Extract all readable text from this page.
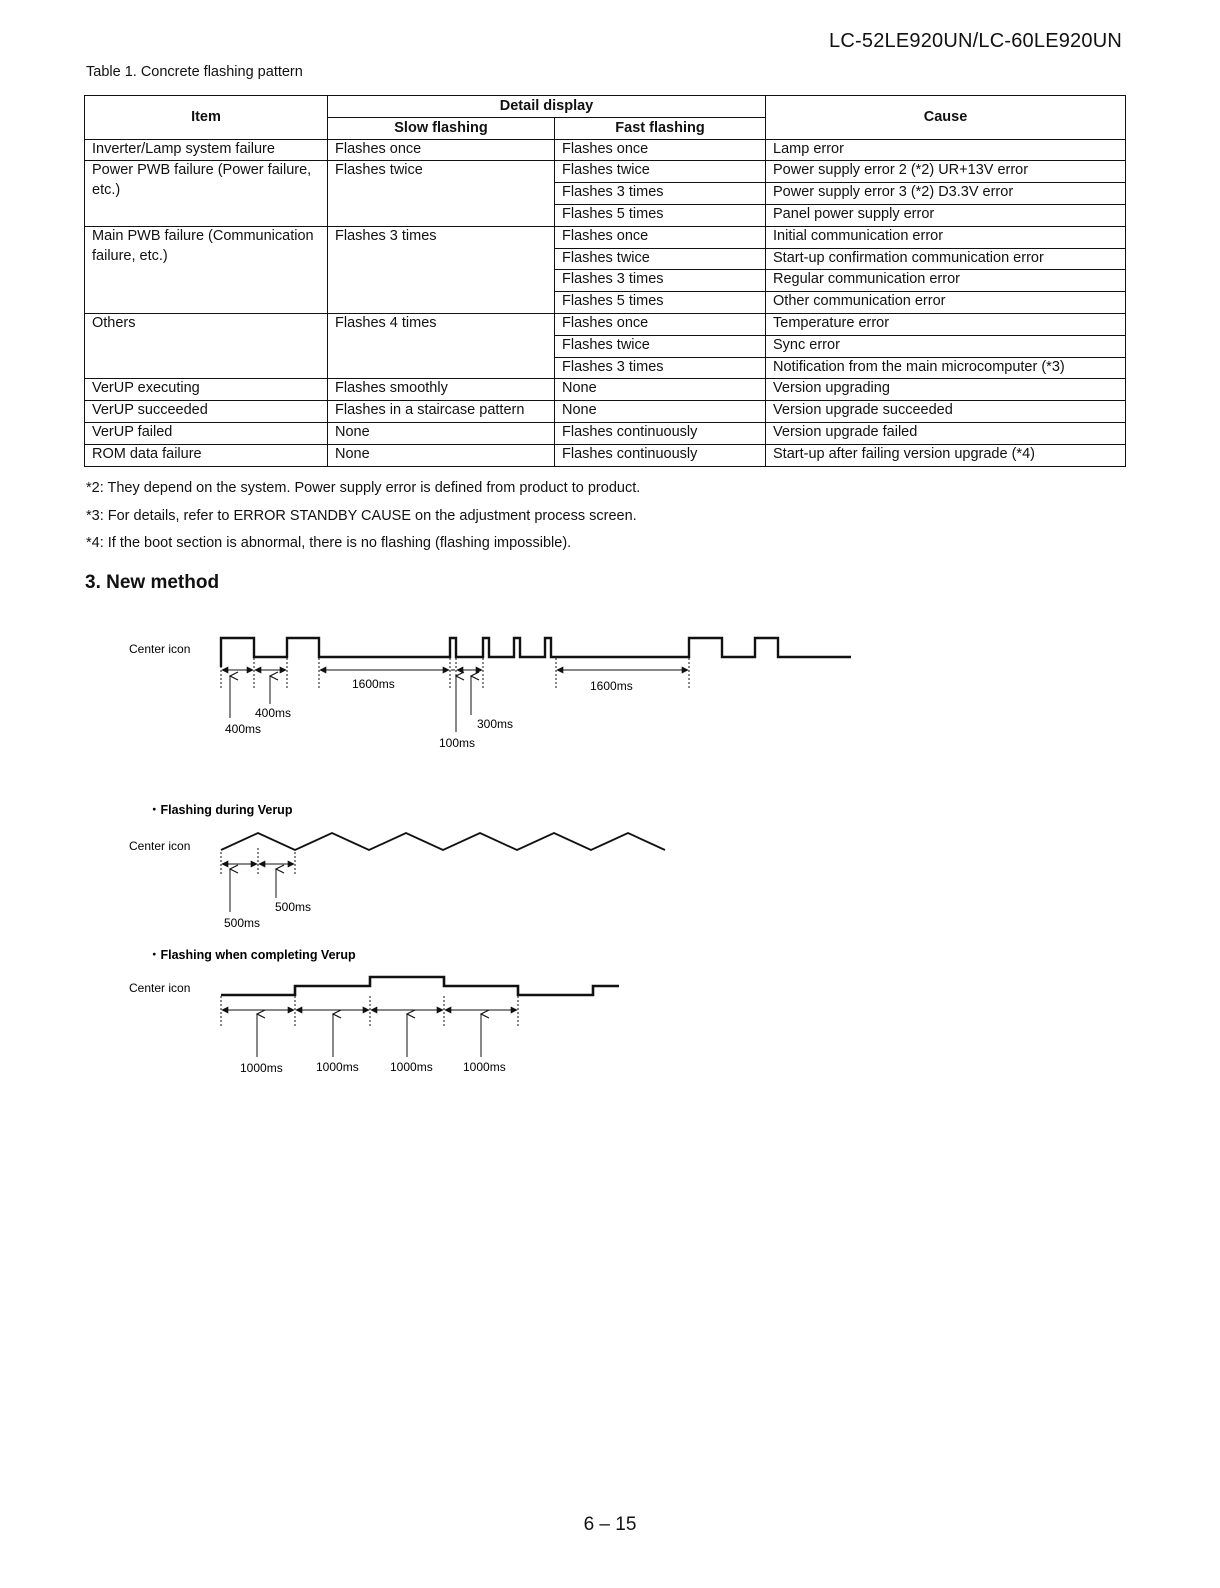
LC-52LE920UN/LC-60LE920UN
Table 1. Concrete flashing pattern
Item	Detail display		Cause
	Slow flashing	Fast flashing	
Inverter/Lamp system failure	Flashes once	Flashes once	Lamp error
Power PWB failure (Power failure, etc.)	Flashes twice	Flashes twice	Power supply error 2 (*2) UR+13V error
		Flashes 3 times	Power supply error 3 (*2) D3.3V error
		Flashes 5 times	Panel power supply error
Main PWB failure (Communication failure, etc.)	Flashes 3 times	Flashes once	Initial communication error
		Flashes twice	Start-up confirmation communication error
		Flashes 3 times	Regular communication error
		Flashes 5 times	Other communication error
Others	Flashes 4 times	Flashes once	Temperature error
		Flashes twice	Sync error
		Flashes 3 times	Notification from the main microcomputer (*3)
VerUP executing	Flashes smoothly	None	Version upgrading
VerUP succeeded	Flashes in a staircase pattern	None	Version upgrade succeeded
VerUP failed	None	Flashes continuously	Version upgrade failed
ROM data failure	None	Flashes continuously	Start-up after failing version upgrade (*4)

*2: They depend on the system. Power supply error is defined from product to product.

*3: For details, refer to ERROR STANDBY CAUSE on the adjustment process screen.

*4: If the boot section is abnormal, there is no flashing (flashing impossible).

3. New method
Center icon
400ms
400ms
1600ms
300ms
100ms
1600ms
・Flashing during Verup
Center icon
500ms
500ms
・Flashing when completing Verup
Center icon
1000ms	1000ms	1000ms	1000ms
6 – 15
